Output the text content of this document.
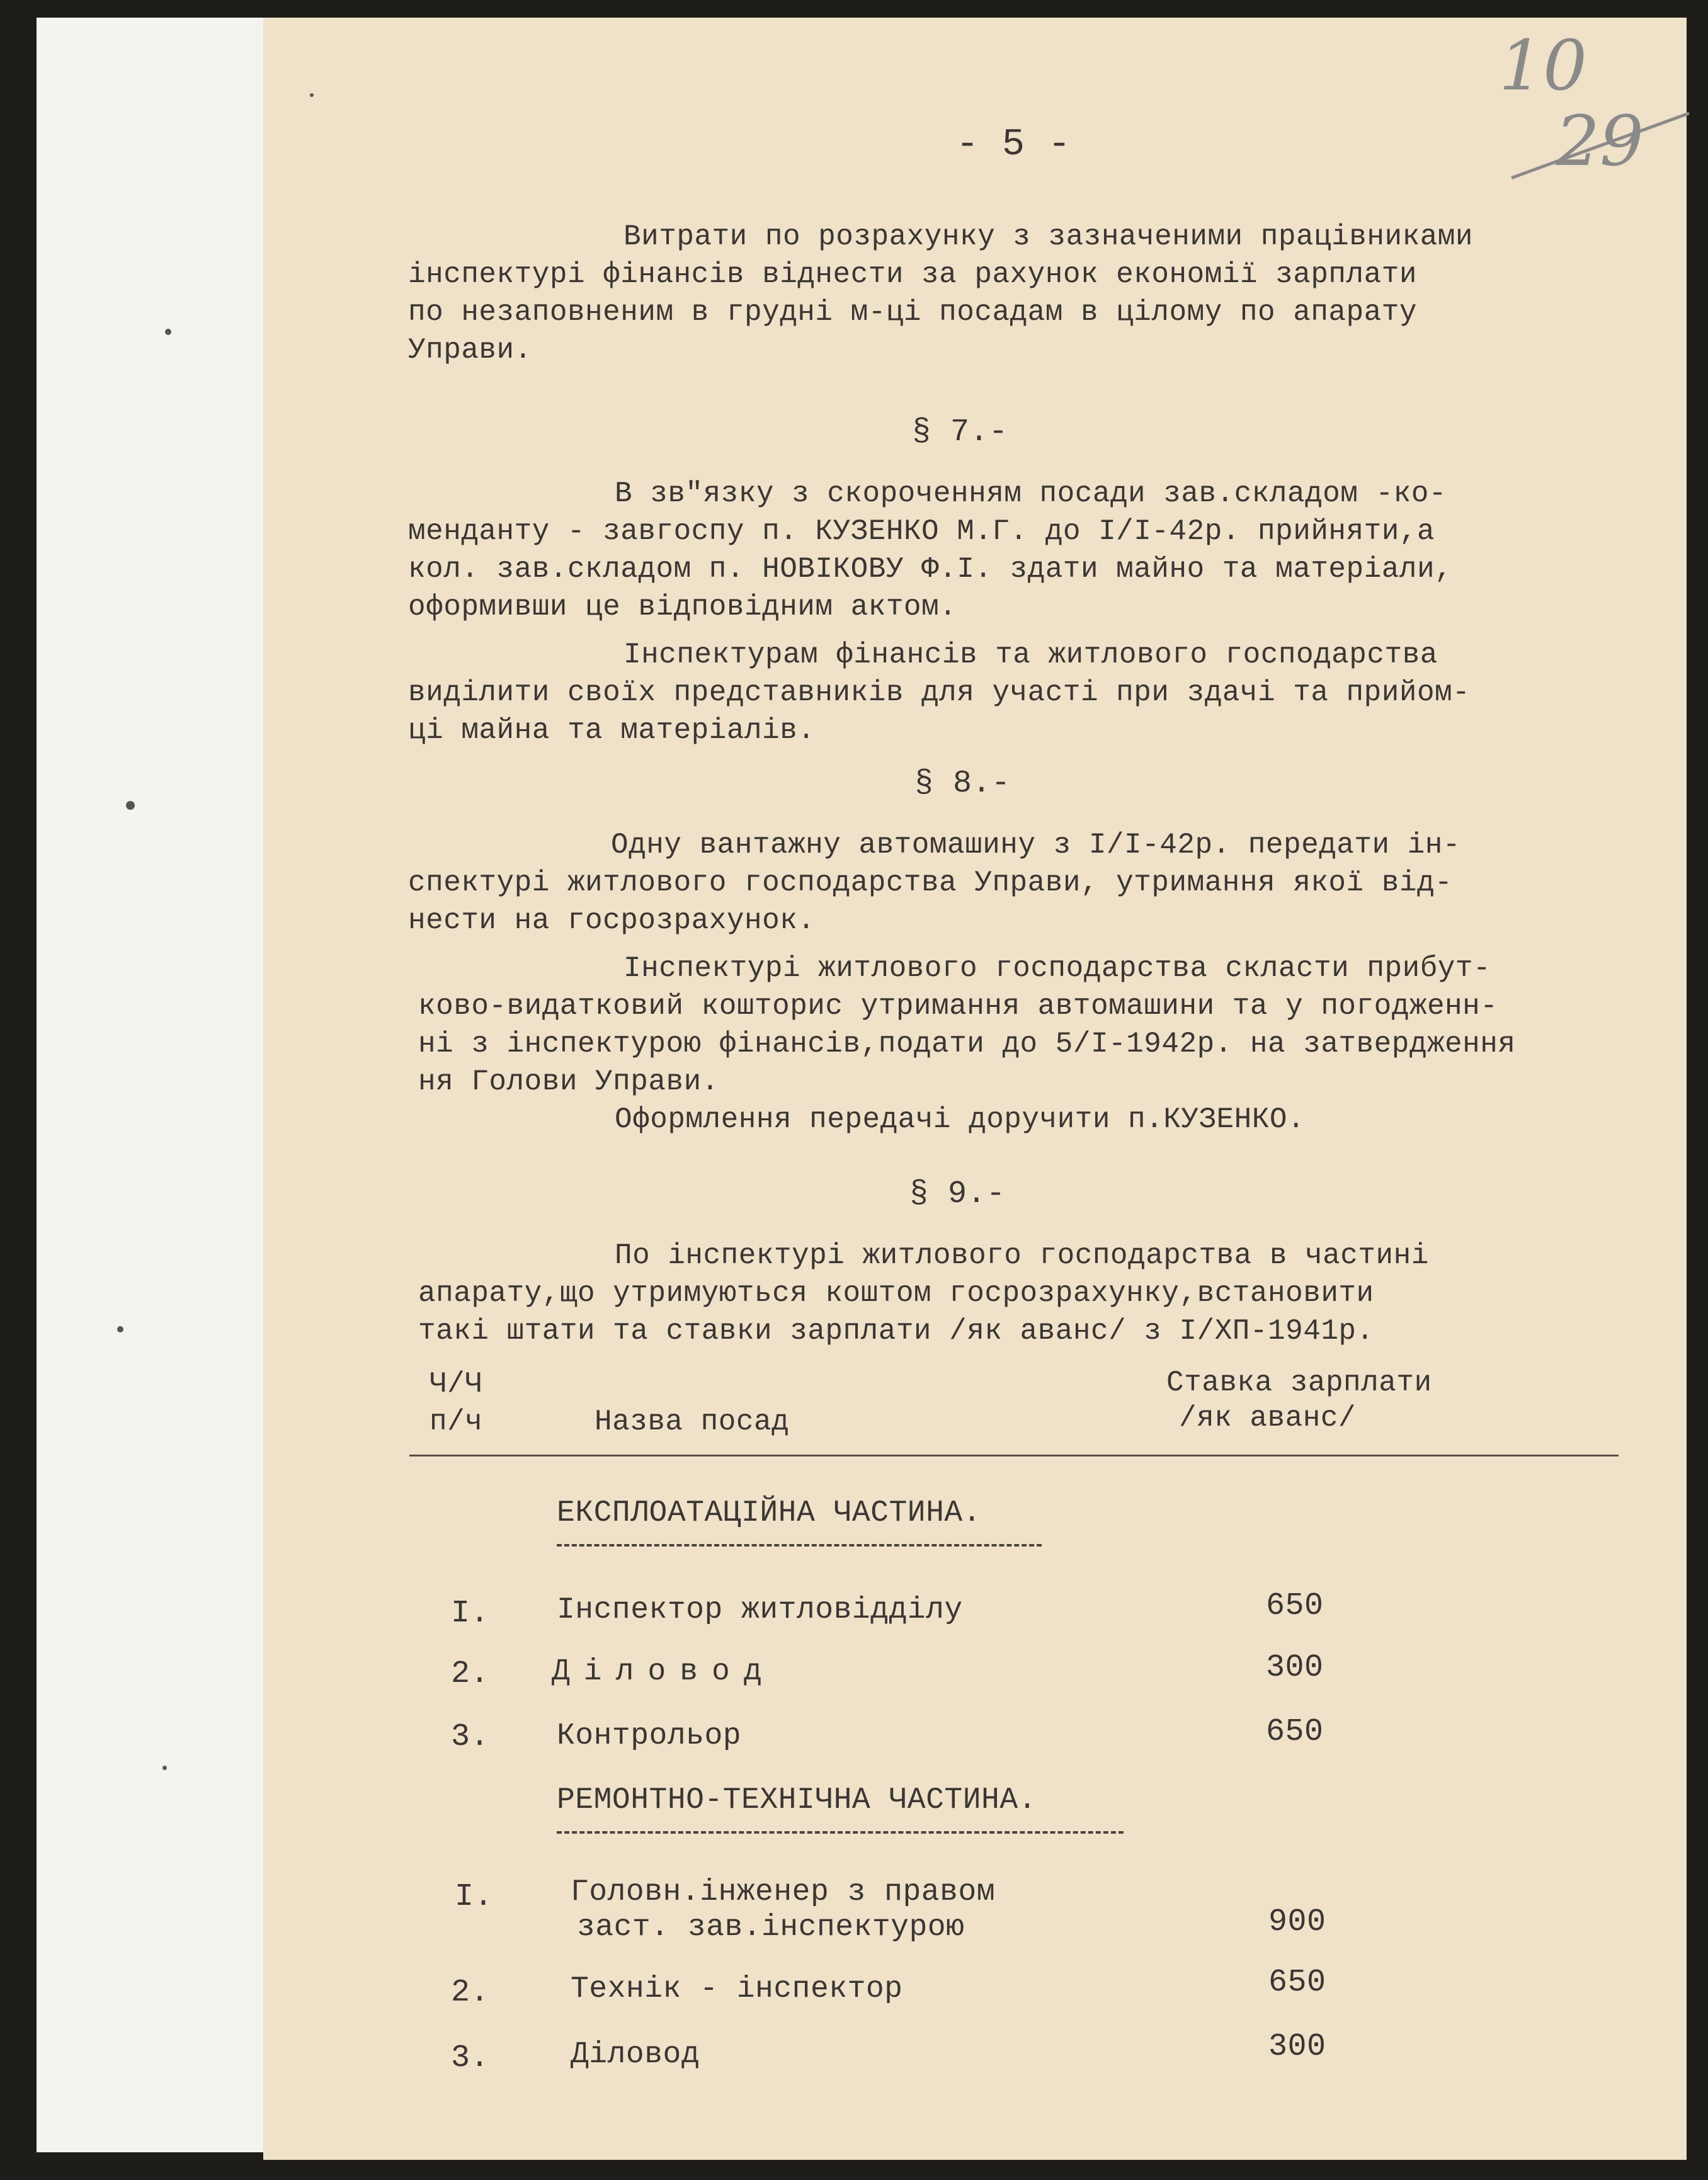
10
29
- 5 -
Витрати по розрахунку з зазначеними працівниками
інспектурі фінансів віднести за рахунок економії зарплати
по незаповненим в грудні м-ці посадам в цілому по апарату
Управи.
§ 7.-
В зв"язку з скороченням посади зав.складом -ко-
менданту - завгоспу п. КУЗЕНКО М.Г. до І/І-42р. прийняти,а
кол. зав.складом п. НОВІКОВУ Ф.І. здати майно та матеріали,
оформивши це відповідним актом.
Інспектурам фінансів та житлового господарства
виділити своїх представників для участі при здачі та прийом-
ці майна та матеріалів.
§ 8.-
Одну вантажну автомашину з І/І-42р. передати ін-
спектурі житлового господарства Управи, утримання якої від-
нести на госрозрахунок.
Інспектурі житлового господарства скласти прибут-
ково-видатковий кошторис утримання автомашини та у погодженн-
ні з інспектурою фінансів,подати до 5/І-1942р. на затвердження
ня Голови Управи.
Оформлення передачі доручити п.КУЗЕНКО.
§ 9.-
По інспектурі житлового господарства в частині
апарату,що утримуються коштом госрозрахунку,встановити
такі штати та ставки зарплати /як аванс/ з І/ХП-1941р.
Ч/Ч
п/ч	Назва посад
Ставка зарплати
/як аванс/
ЕКСПЛОАТАЦІЙНА ЧАСТИНА.
І. Інспектор житловідділу	650
2. Діловод	300
3. Контрольор	650
РЕМОНТНО-ТЕХНІЧНА ЧАСТИНА.
І.	Головн.інженер з правом
заст. зав.інспектурою	900
2.	Технік - інспектор	650
3.	Діловод	300
